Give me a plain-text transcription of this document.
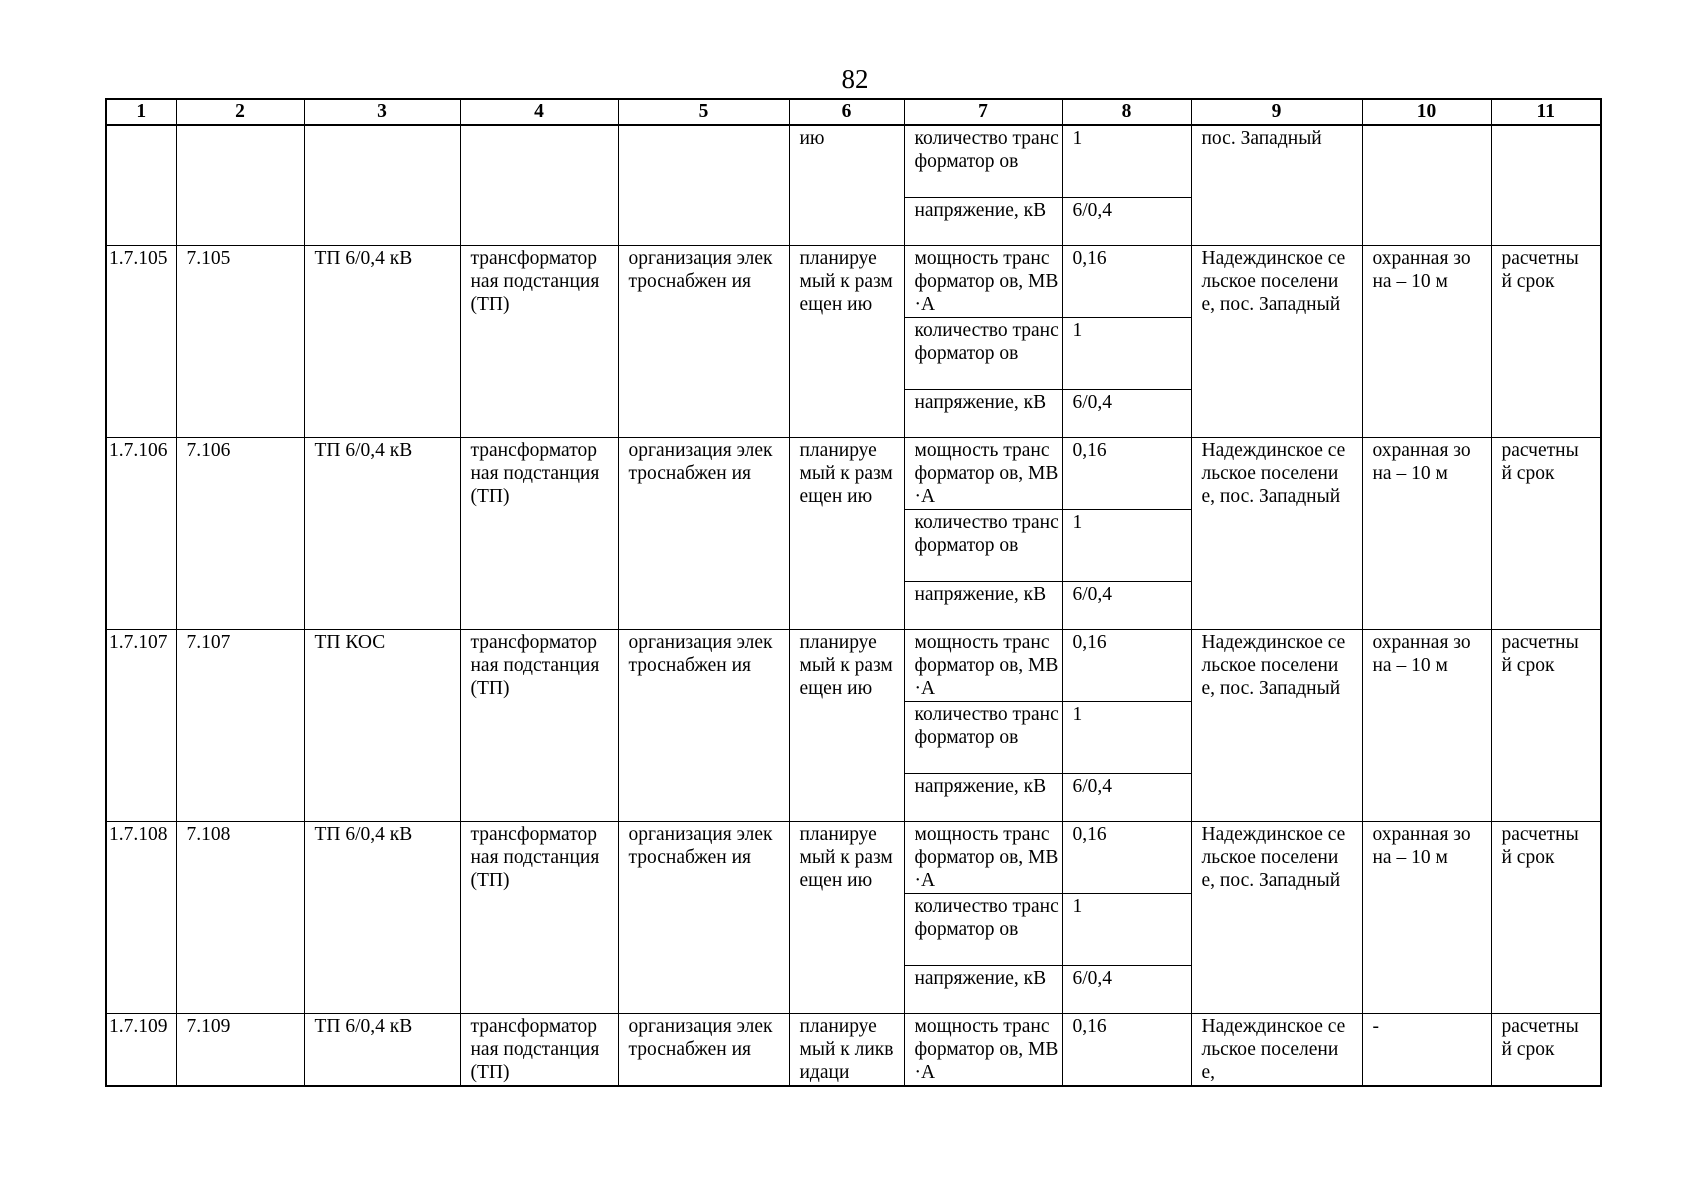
82
1	2	3	4	5	6	7	8	9	10	11
					ию	количество трансформатор ов	1	пос. Западный		
						напряжение, кВ	6/0,4			
1.7.105	7.105	ТП 6/0,4 кВ	трансформатор ная подстанция (ТП)	организация электроснабжен ия	планируе мый к размещен ию	мощность трансформатор ов, МВ·А	0,16	Надеждинское сельское поселение, пос. Западный	охранная зона – 10 м	расчетны й срок
						количество трансформатор ов	1			
						напряжение, кВ	6/0,4			
1.7.106	7.106	ТП 6/0,4 кВ	трансформатор ная подстанция (ТП)	организация электроснабжен ия	планируе мый к размещен ию	мощность трансформатор ов, МВ·А	0,16	Надеждинское сельское поселение, пос. Западный	охранная зона – 10 м	расчетны й срок
						количество трансформатор ов	1			
						напряжение, кВ	6/0,4			
1.7.107	7.107	ТП КОС	трансформатор ная подстанция (ТП)	организация электроснабжен ия	планируе мый к размещен ию	мощность трансформатор ов, МВ·А	0,16	Надеждинское сельское поселение, пос. Западный	охранная зона – 10 м	расчетны й срок
						количество трансформатор ов	1			
						напряжение, кВ	6/0,4			
1.7.108	7.108	ТП 6/0,4 кВ	трансформатор ная подстанция (ТП)	организация электроснабжен ия	планируе мый к размещен ию	мощность трансформатор ов, МВ·А	0,16	Надеждинское сельское поселение, пос. Западный	охранная зона – 10 м	расчетны й срок
						количество трансформатор ов	1			
						напряжение, кВ	6/0,4			
1.7.109	7.109	ТП 6/0,4 кВ	трансформатор ная подстанция (ТП)	организация электроснабжен ия	планируе мый к ликвидаци	мощность трансформатор ов, МВ·А	0,16	Надеждинское сельское поселение,	-	расчетны й срок
